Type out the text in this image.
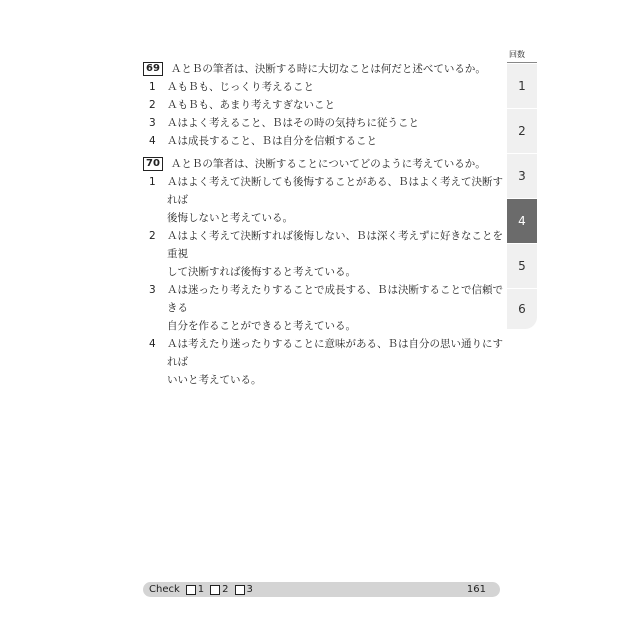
69 ＡとＢの筆者は、決断する時に大切なことは何だと述べているか。
1 ＡもＢも、じっくり考えること
2 ＡもＢも、あまり考えすぎないこと
3 Ａはよく考えること、Ｂはその時の気持ちに従うこと
4 Ａは成長すること、Ｂは自分を信頼すること
70 ＡとＢの筆者は、決断することについてどのように考えているか。
1 Ａはよく考えて決断しても後悔することがある、Ｂはよく考えて決断すれば
後悔しないと考えている。
2 Ａはよく考えて決断すれば後悔しない、Ｂは深く考えずに好きなことを重視
して決断すれば後悔すると考えている。
3 Ａは迷ったり考えたりすることで成長する、Ｂは決断することで信頼できる
自分を作ることができると考えている。
4 Ａは考えたり迷ったりすることに意味がある、Ｂは自分の思い通りにすれば
いいと考えている。
回数
1
2
3
4
5
6
Check 1 2 3	161
